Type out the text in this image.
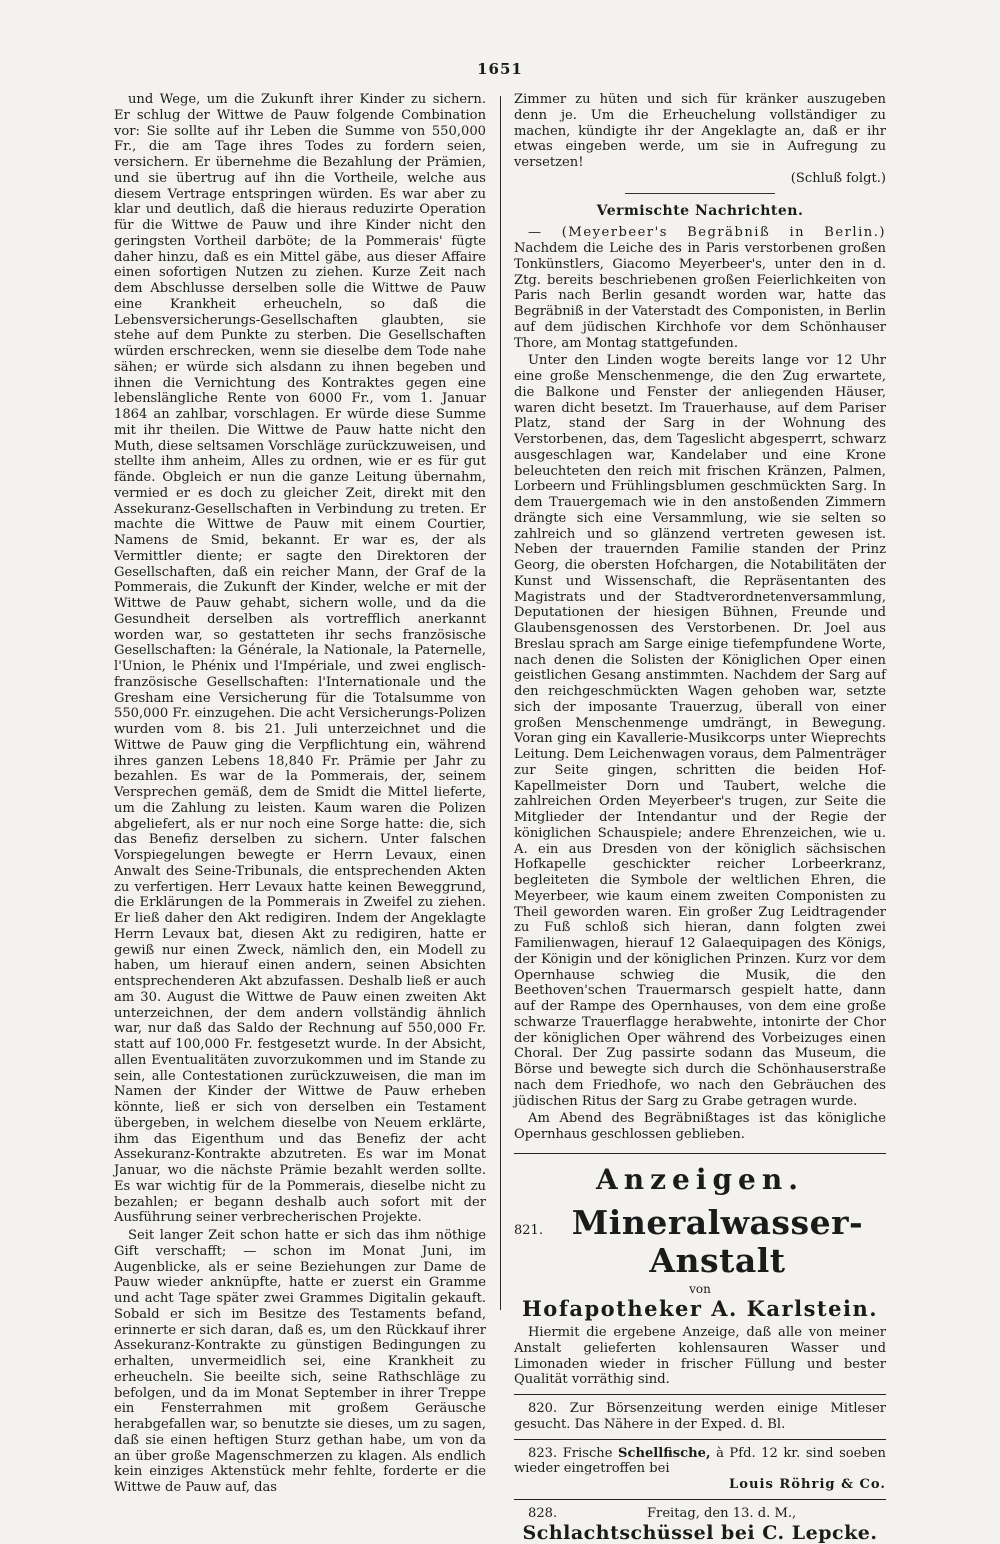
1651

und Wege, um die Zukunft ihrer Kinder zu sichern. Er schlug der Wittwe de Pauw folgende Combination vor: Sie sollte auf ihr Leben die Summe von 550,000 Fr., die am Tage ihres Todes zu fordern seien, versichern. Er übernehme die Bezahlung der Prämien, und sie übertrug auf ihn die Vortheile, welche aus diesem Vertrage entspringen würden. Es war aber zu klar und deutlich, daß die hieraus reduzirte Operation für die Wittwe de Pauw und ihre Kinder nicht den geringsten Vortheil darböte; de la Pommerais' fügte daher hinzu, daß es ein Mittel gäbe, aus dieser Affaire einen sofortigen Nutzen zu ziehen. Kurze Zeit nach dem Abschlusse derselben solle die Wittwe de Pauw eine Krankheit erheucheln, so daß die Lebensversicherungs-Gesellschaften glaubten, sie stehe auf dem Punkte zu sterben. Die Gesellschaften würden erschrecken, wenn sie dieselbe dem Tode nahe sähen; er würde sich alsdann zu ihnen begeben und ihnen die Vernichtung des Kontraktes gegen eine lebenslängliche Rente von 6000 Fr., vom 1. Januar 1864 an zahlbar, vorschlagen. Er würde diese Summe mit ihr theilen. Die Wittwe de Pauw hatte nicht den Muth, diese seltsamen Vorschläge zurückzuweisen, und stellte ihm anheim, Alles zu ordnen, wie er es für gut fände. Obgleich er nun die ganze Leitung übernahm, vermied er es doch zu gleicher Zeit, direkt mit den Assekuranz-Gesellschaften in Verbindung zu treten. Er machte die Wittwe de Pauw mit einem Courtier, Namens de Smid, bekannt. Er war es, der als Vermittler diente; er sagte den Direktoren der Gesellschaften, daß ein reicher Mann, der Graf de la Pommerais, die Zukunft der Kinder, welche er mit der Wittwe de Pauw gehabt, sichern wolle, und da die Gesundheit derselben als vortrefflich anerkannt worden war, so gestatteten ihr sechs französische Gesellschaften: la Générale, la Nationale, la Paternelle, l'Union, le Phénix und l'Impériale, und zwei englisch-französische Gesellschaften: l'Internationale und the Gresham eine Versicherung für die Totalsumme von 550,000 Fr. einzugehen. Die acht Versicherungs-Polizen wurden vom 8. bis 21. Juli unterzeichnet und die Wittwe de Pauw ging die Verpflichtung ein, während ihres ganzen Lebens 18,840 Fr. Prämie per Jahr zu bezahlen. Es war de la Pommerais, der, seinem Versprechen gemäß, dem de Smidt die Mittel lieferte, um die Zahlung zu leisten. Kaum waren die Polizen abgeliefert, als er nur noch eine Sorge hatte: die, sich das Benefiz derselben zu sichern. Unter falschen Vorspiegelungen bewegte er Herrn Levaux, einen Anwalt des Seine-Tribunals, die entsprechenden Akten zu verfertigen. Herr Levaux hatte keinen Beweggrund, die Erklärungen de la Pommerais in Zweifel zu ziehen. Er ließ daher den Akt redigiren. Indem der Angeklagte Herrn Levaux bat, diesen Akt zu redigiren, hatte er gewiß nur einen Zweck, nämlich den, ein Modell zu haben, um hierauf einen andern, seinen Absichten entsprechenderen Akt abzufassen. Deshalb ließ er auch am 30. August die Wittwe de Pauw einen zweiten Akt unterzeichnen, der dem andern vollständig ähnlich war, nur daß das Saldo der Rechnung auf 550,000 Fr. statt auf 100,000 Fr. festgesetzt wurde. In der Absicht, allen Eventualitäten zuvorzukommen und im Stande zu sein, alle Contestationen zurückzuweisen, die man im Namen der Kinder der Wittwe de Pauw erheben könnte, ließ er sich von derselben ein Testament übergeben, in welchem dieselbe von Neuem erklärte, ihm das Eigenthum und das Benefiz der acht Assekuranz-Kontrakte abzutreten. Es war im Monat Januar, wo die nächste Prämie bezahlt werden sollte. Es war wichtig für de la Pommerais, dieselbe nicht zu bezahlen; er begann deshalb auch sofort mit der Ausführung seiner verbrecherischen Projekte.

Seit langer Zeit schon hatte er sich das ihm nöthige Gift verschafft; — schon im Monat Juni, im Augenblicke, als er seine Beziehungen zur Dame de Pauw wieder anknüpfte, hatte er zuerst ein Gramme und acht Tage später zwei Grammes Digitalin gekauft. Sobald er sich im Besitze des Testaments befand, erinnerte er sich daran, daß es, um den Rückkauf ihrer Assekuranz-Kontrakte zu günstigen Bedingungen zu erhalten, unvermeidlich sei, eine Krankheit zu erheucheln. Sie beeilte sich, seine Rathschläge zu befolgen, und da im Monat September in ihrer Treppe ein Fensterrahmen mit großem Geräusche herabgefallen war, so benutzte sie dieses, um zu sagen, daß sie einen heftigen Sturz gethan habe, um von da an über große Magenschmerzen zu klagen. Als endlich kein einziges Aktenstück mehr fehlte, forderte er die Wittwe de Pauw auf, das

Zimmer zu hüten und sich für kränker auszugeben denn je. Um die Erheuchelung vollständiger zu machen, kündigte ihr der Angeklagte an, daß er ihr etwas eingeben werde, um sie in Aufregung zu versetzen!

(Schluß folgt.)
Vermischte Nachrichten.

— (Meyerbeer's Begräbniß in Berlin.) Nachdem die Leiche des in Paris verstorbenen großen Tonkünstlers, Giacomo Meyerbeer's, unter den in d. Ztg. bereits beschriebenen großen Feierlichkeiten von Paris nach Berlin gesandt worden war, hatte das Begräbniß in der Vaterstadt des Componisten, in Berlin auf dem jüdischen Kirchhofe vor dem Schönhauser Thore, am Montag stattgefunden.

Unter den Linden wogte bereits lange vor 12 Uhr eine große Menschenmenge, die den Zug erwartete, die Balkone und Fenster der anliegenden Häuser, waren dicht besetzt. Im Trauerhause, auf dem Pariser Platz, stand der Sarg in der Wohnung des Verstorbenen, das, dem Tageslicht abgesperrt, schwarz ausgeschlagen war, Kandelaber und eine Krone beleuchteten den reich mit frischen Kränzen, Palmen, Lorbeern und Frühlingsblumen geschmückten Sarg. In dem Trauergemach wie in den anstoßenden Zimmern drängte sich eine Versammlung, wie sie selten so zahlreich und so glänzend vertreten gewesen ist. Neben der trauernden Familie standen der Prinz Georg, die obersten Hofchargen, die Notabilitäten der Kunst und Wissenschaft, die Repräsentanten des Magistrats und der Stadtverordnetenversammlung, Deputationen der hiesigen Bühnen, Freunde und Glaubensgenossen des Verstorbenen. Dr. Joel aus Breslau sprach am Sarge einige tiefempfundene Worte, nach denen die Solisten der Königlichen Oper einen geistlichen Gesang anstimmten. Nachdem der Sarg auf den reichgeschmückten Wagen gehoben war, setzte sich der imposante Trauerzug, überall von einer großen Menschenmenge umdrängt, in Bewegung. Voran ging ein Kavallerie-Musikcorps unter Wieprechts Leitung. Dem Leichenwagen voraus, dem Palmenträger zur Seite gingen, schritten die beiden Hof-Kapellmeister Dorn und Taubert, welche die zahlreichen Orden Meyerbeer's trugen, zur Seite die Mitglieder der Intendantur und der Regie der königlichen Schauspiele; andere Ehrenzeichen, wie u. A. ein aus Dresden von der königlich sächsischen Hofkapelle geschickter reicher Lorbeerkranz, begleiteten die Symbole der weltlichen Ehren, die Meyerbeer, wie kaum einem zweiten Componisten zu Theil geworden waren. Ein großer Zug Leidtragender zu Fuß schloß sich hieran, dann folgten zwei Familienwagen, hierauf 12 Galaequipagen des Königs, der Königin und der königlichen Prinzen. Kurz vor dem Opernhause schwieg die Musik, die den Beethoven'schen Trauermarsch gespielt hatte, dann auf der Rampe des Opernhauses, von dem eine große schwarze Trauerflagge herabwehte, intonirte der Chor der königlichen Oper während des Vorbeizuges einen Choral. Der Zug passirte sodann das Museum, die Börse und bewegte sich durch die Schönhauserstraße nach dem Friedhofe, wo nach den Gebräuchen des jüdischen Ritus der Sarg zu Grabe getragen wurde.

Am Abend des Begräbnißtages ist das königliche Opernhaus geschlossen geblieben.

Anzeigen.
821. Mineralwasser-Anstalt
von
Hofapotheker A. Karlstein.

Hiermit die ergebene Anzeige, daß alle von meiner Anstalt gelieferten kohlensauren Wasser und Limonaden wieder in frischer Füllung und bester Qualität vorräthig sind.

820. Zur Börsenzeitung werden einige Mitleser gesucht. Das Nähere in der Exped. d. Bl.

823. Frische Schellfische, à Pfd. 12 kr. sind soeben wieder eingetroffen bei

Louis Röhrig & Co.
828.	Freitag, den 13. d. M.,
Schlachtschüssel bei C. Lepcke.
